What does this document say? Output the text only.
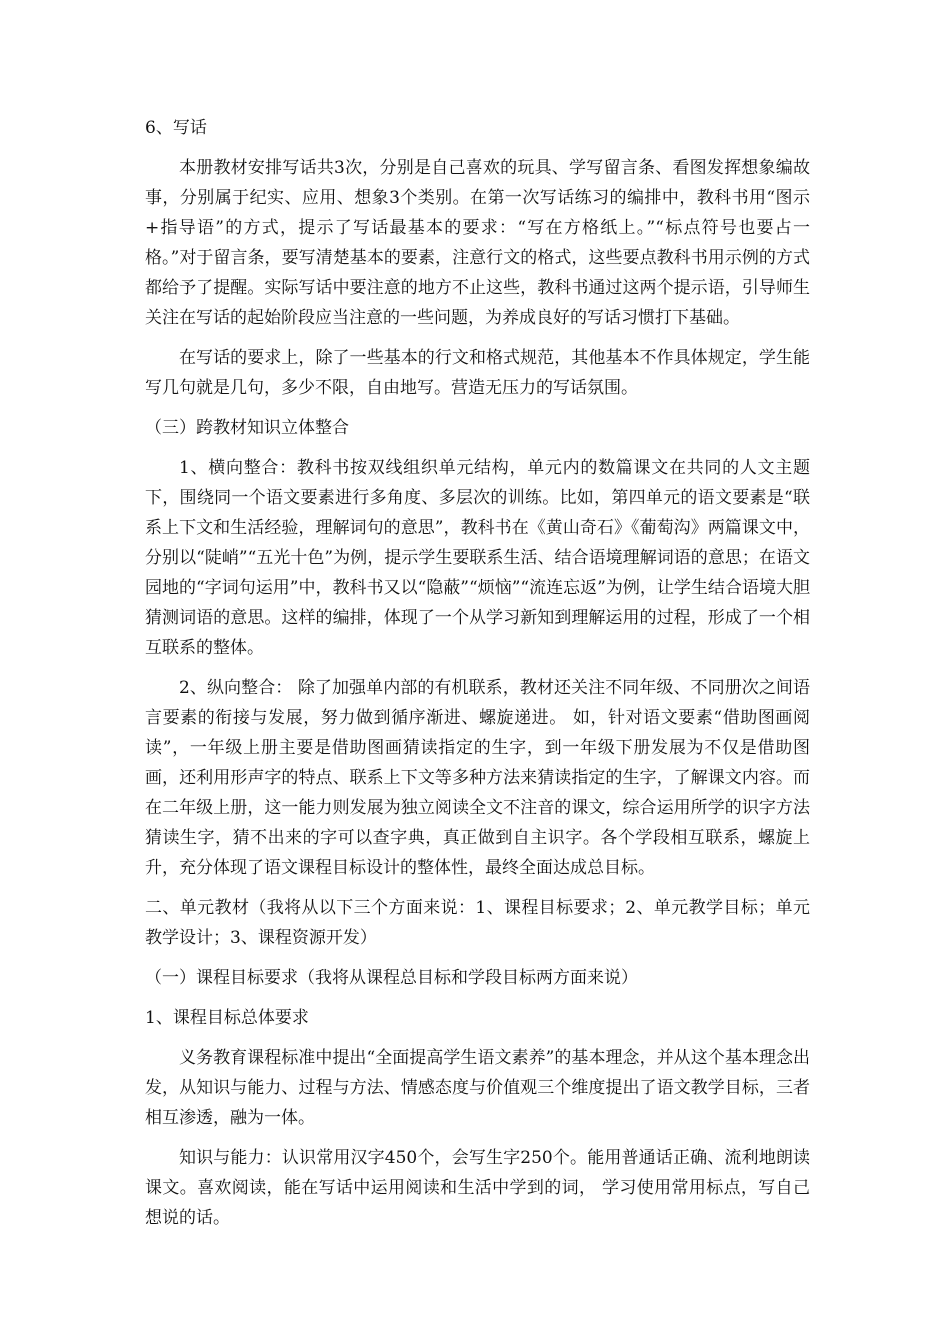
6、写话

本册教材安排写话共3次，分别是自己喜欢的玩具、学写留言条、看图发挥想象编故事，分别属于纪实、应用、想象3个类别。在第一次写话练习的编排中，教科书用“图示+指导语”的方式，提示了写话最基本的要求：“写在方格纸上。”“标点符号也要占一格。”对于留言条，要写清楚基本的要素，注意行文的格式，这些要点教科书用示例的方式都给予了提醒。实际写话中要注意的地方不止这些，教科书通过这两个提示语，引导师生关注在写话的起始阶段应当注意的一些问题，为养成良好的写话习惯打下基础。

在写话的要求上，除了一些基本的行文和格式规范，其他基本不作具体规定，学生能写几句就是几句，多少不限，自由地写。营造无压力的写话氛围。

（三）跨教材知识立体整合

1、横向整合：教科书按双线组织单元结构，单元内的数篇课文在共同的人文主题下，围绕同一个语文要素进行多角度、多层次的训练。比如，第四单元的语文要素是“联系上下文和生活经验，理解词句的意思”，教科书在《黄山奇石》《葡萄沟》两篇课文中，分别以“陡峭”“五光十色”为例，提示学生要联系生活、结合语境理解词语的意思；在语文园地的“字词句运用”中，教科书又以“隐蔽”“烦恼”“流连忘返”为例，让学生结合语境大胆猜测词语的意思。这样的编排，体现了一个从学习新知到理解运用的过程，形成了一个相互联系的整体。

2、纵向整合： 除了加强单内部的有机联系，教材还关注不同年级、不同册次之间语言要素的衔接与发展，努力做到循序渐进、螺旋递进。 如，针对语文要素“借助图画阅读”，一年级上册主要是借助图画猜读指定的生字，到一年级下册发展为不仅是借助图画，还利用形声字的特点、联系上下文等多种方法来猜读指定的生字，了解课文内容。而在二年级上册，这一能力则发展为独立阅读全文不注音的课文，综合运用所学的识字方法猜读生字，猜不出来的字可以查字典，真正做到自主识字。各个学段相互联系，螺旋上升，充分体现了语文课程目标设计的整体性，最终全面达成总目标。

二、单元教材（我将从以下三个方面来说：1、课程目标要求；2、单元教学目标；单元教学设计；3、课程资源开发）

（一）课程目标要求（我将从课程总目标和学段目标两方面来说）

1、课程目标总体要求

义务教育课程标准中提出“全面提高学生语文素养”的基本理念，并从这个基本理念出发，从知识与能力、过程与方法、情感态度与价值观三个维度提出了语文教学目标，三者相互渗透，融为一体。

知识与能力：认识常用汉字450个，会写生字250个。能用普通话正确、流利地朗读课文。喜欢阅读，能在写话中运用阅读和生活中学到的词， 学习使用常用标点，写自己想说的话。
